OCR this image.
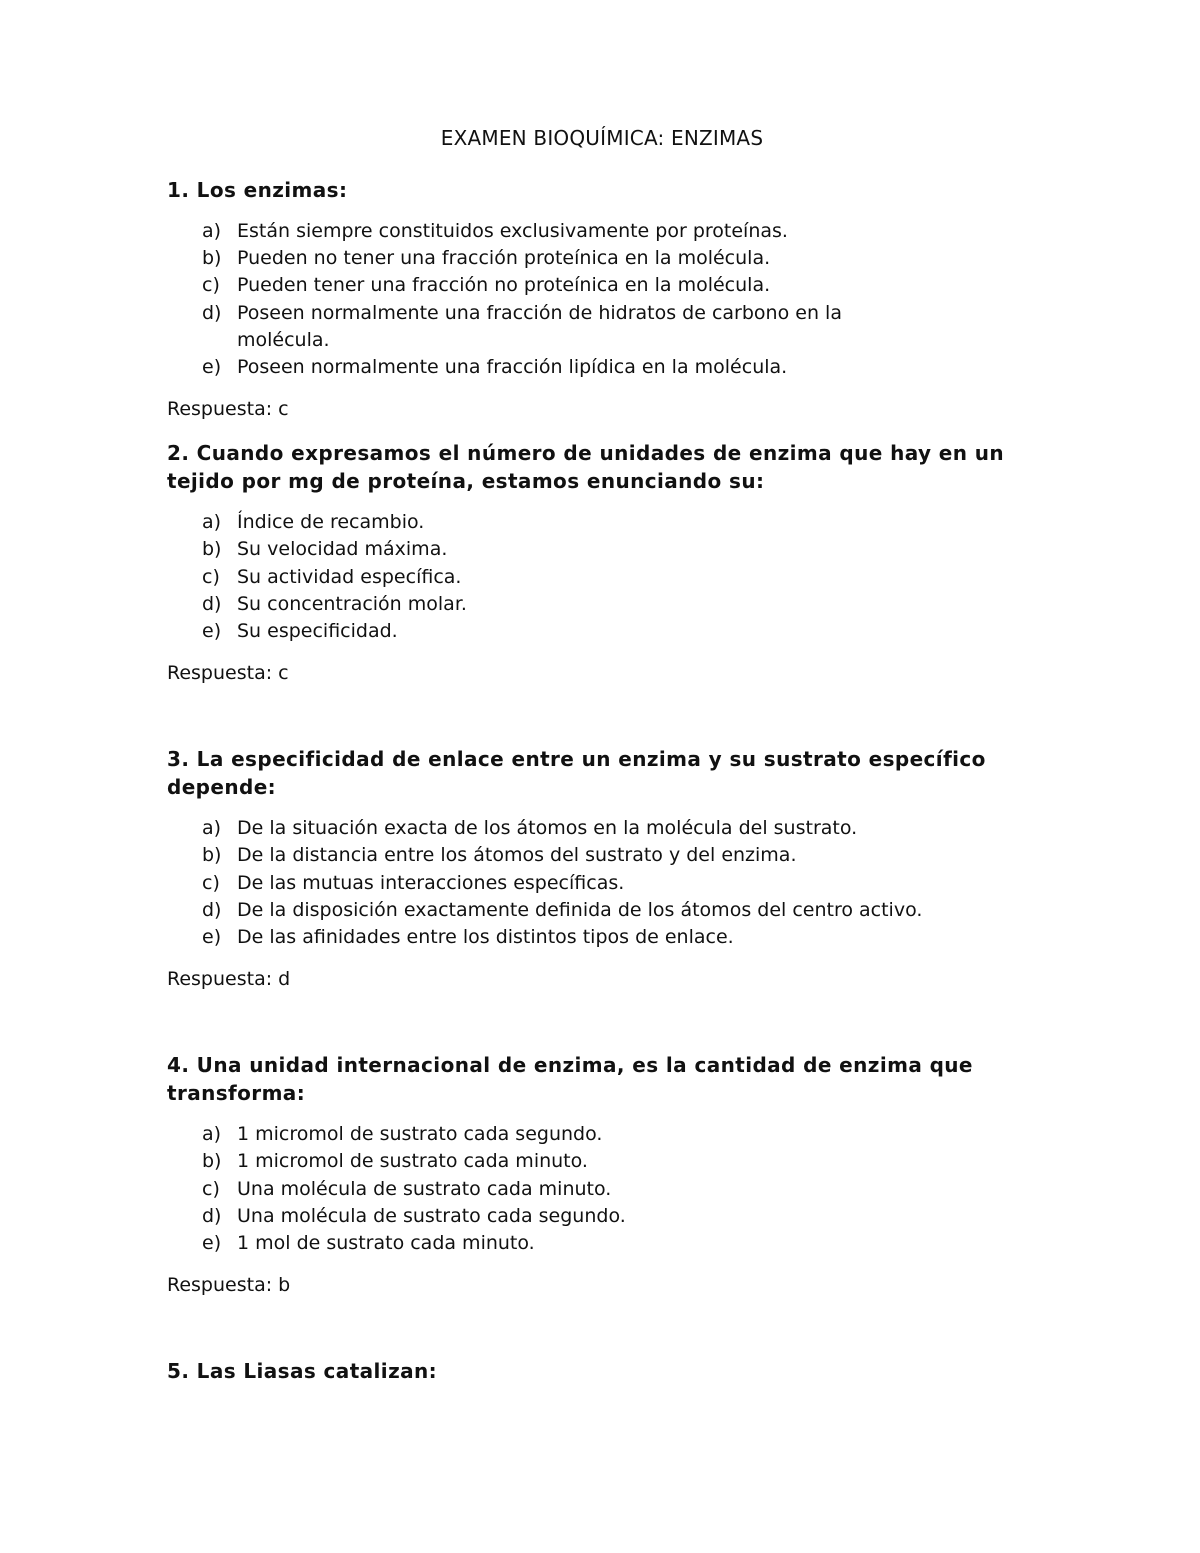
EXAMEN BIOQUÍMICA: ENZIMAS
1. Los enzimas:
a) Están siempre constituidos exclusivamente por proteínas.
b) Pueden no tener una fracción proteínica en la molécula.
c) Pueden tener una fracción no proteínica en la molécula.
d) Poseen normalmente una fracción de hidratos de carbono en la molécula.
e) Poseen normalmente una fracción lipídica en la molécula.
Respuesta: c
2. Cuando expresamos el número de unidades de enzima que hay en un tejido por mg de proteína, estamos enunciando su:
a) Índice de recambio.
b) Su velocidad máxima.
c) Su actividad específica.
d) Su concentración molar.
e) Su especificidad.
Respuesta: c
3. La especificidad de enlace entre un enzima y su sustrato específico depende:
a) De la situación exacta de los átomos en la molécula del sustrato.
b) De la distancia entre los átomos del sustrato y del enzima.
c) De las mutuas interacciones específicas.
d) De la disposición exactamente definida de los átomos del centro activo.
e) De las afinidades entre los distintos tipos de enlace.
Respuesta: d
4. Una unidad internacional de enzima, es la cantidad de enzima que transforma:
a) 1 micromol de sustrato cada segundo.
b) 1 micromol de sustrato cada minuto.
c) Una molécula de sustrato cada minuto.
d) Una molécula de sustrato cada segundo.
e) 1 mol de sustrato cada minuto.
Respuesta: b
5. Las Liasas catalizan:
